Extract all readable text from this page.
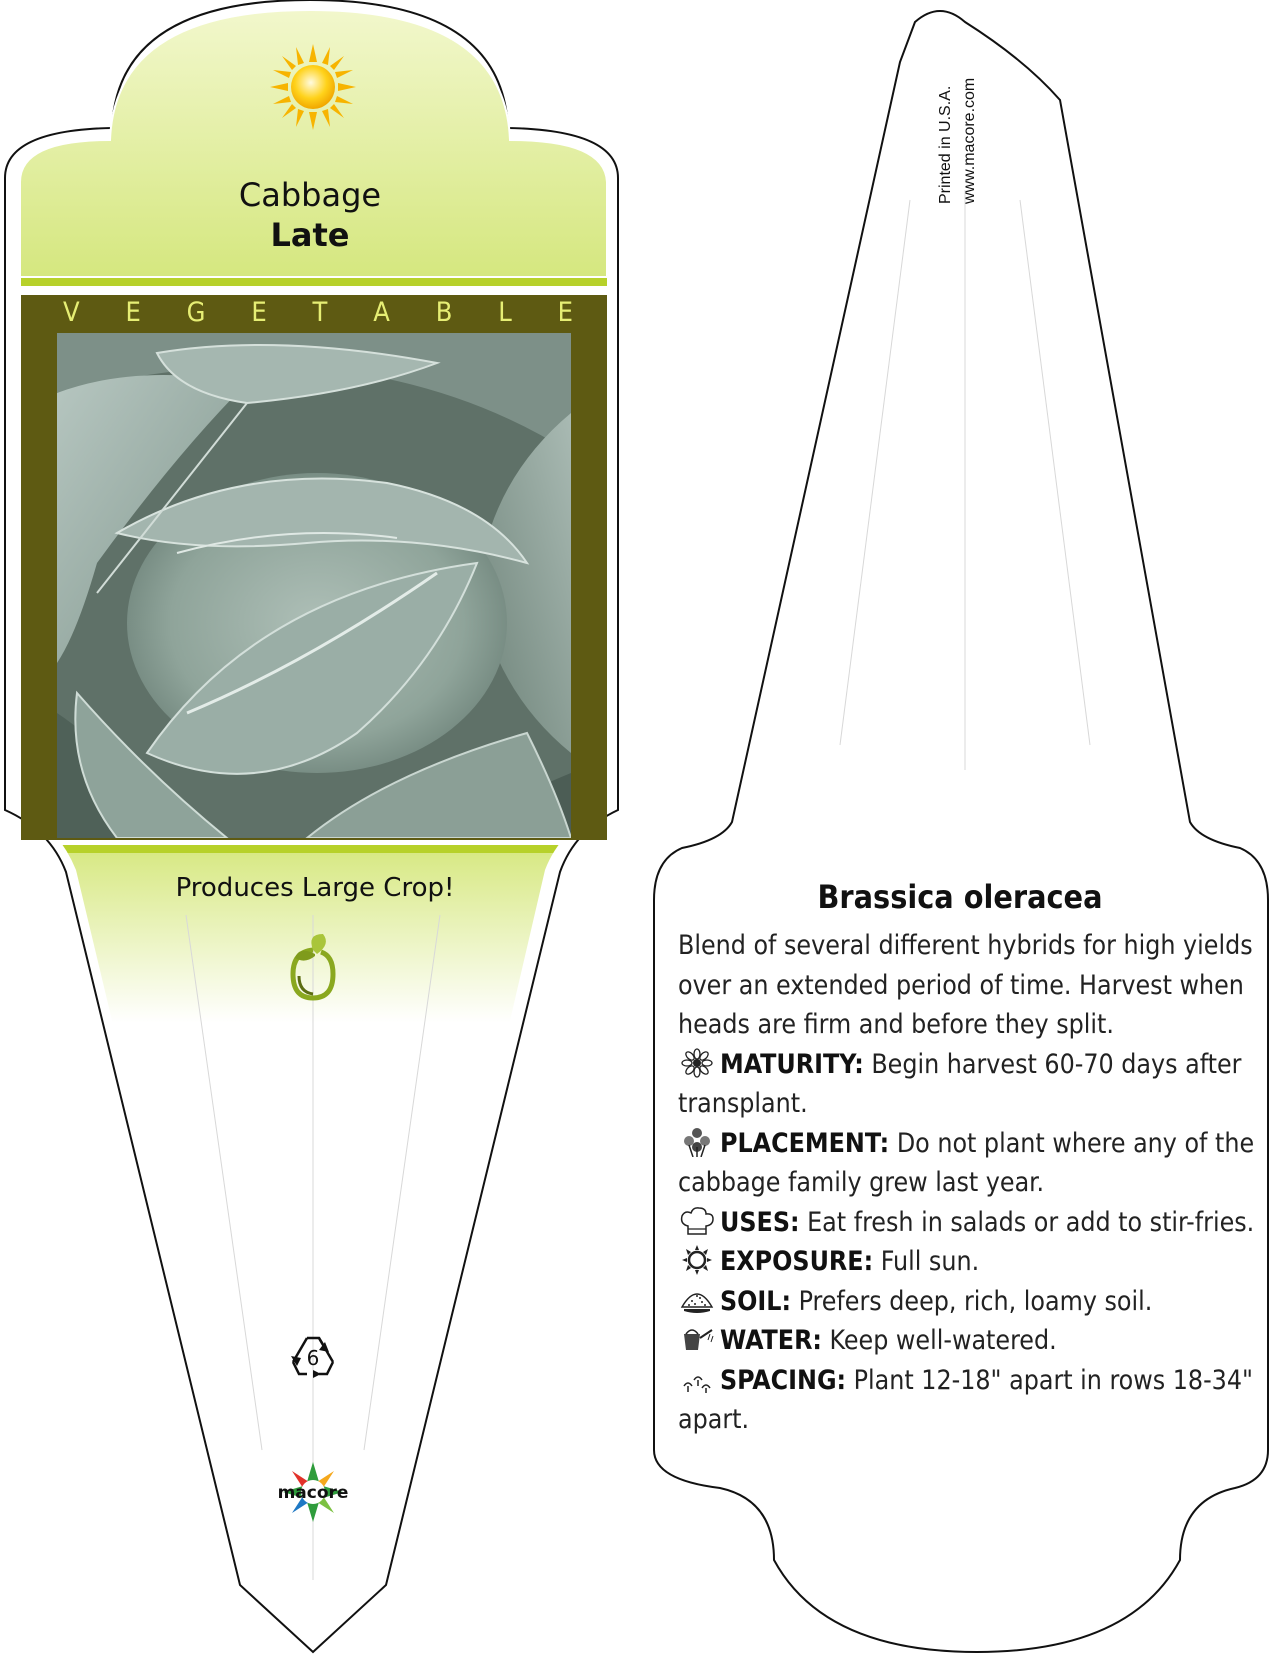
Cabbage
Late
V E G E T A B L E
Produces Large Crop!
6
macore
Printed in U.S.A. www.macore.com
Brassica oleracea

Blend of several different hybrids for high yields over an extended period of time. Harvest when heads are firm and before they split.

MATURITY: Begin harvest 60-70 days after transplant.

PLACEMENT: Do not plant where any of the cabbage family grew last year.

USES: Eat fresh in salads or add to stir-fries.

EXPOSURE: Full sun.

SOIL: Prefers deep, rich, loamy soil.

WATER: Keep well-watered.

SPACING: Plant 12-18" apart in rows 18-34" apart.
